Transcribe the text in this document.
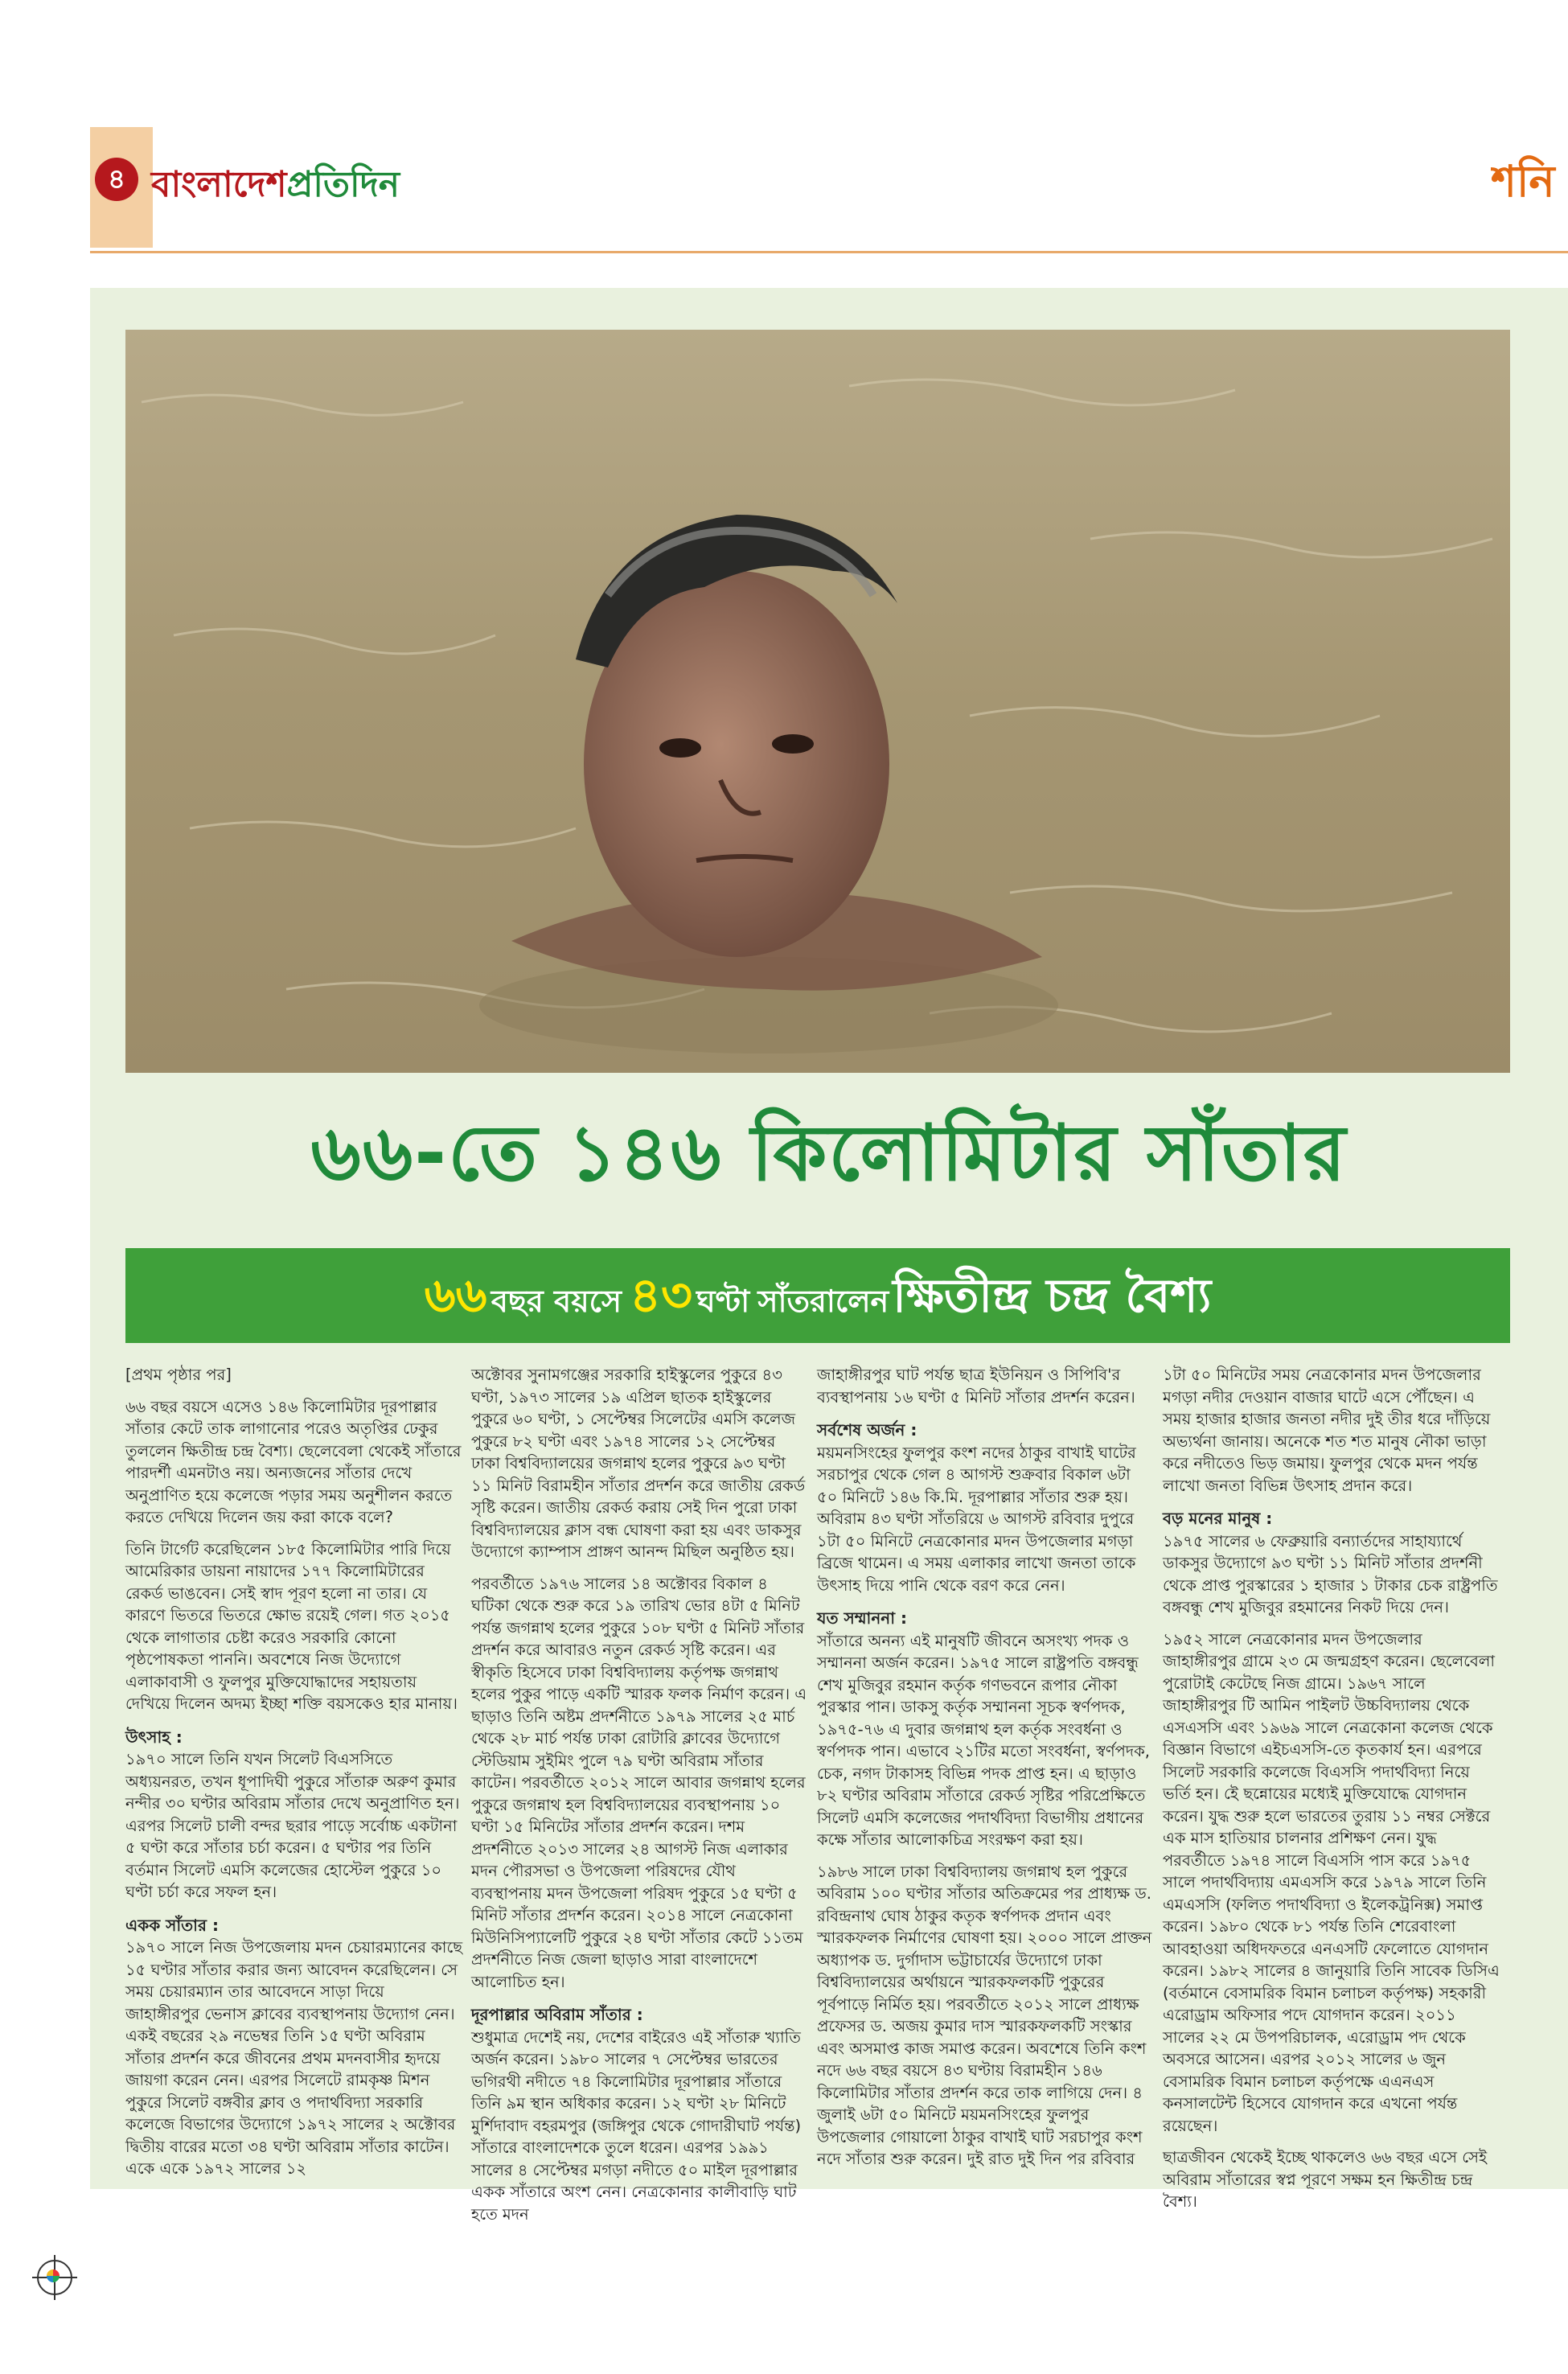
৪ বাংলাদেশপ্রতিদিন	শনি
৬৬-তে ১৪৬ কিলোমিটার সাঁতার
৬৬ বছর বয়সে ৪৩ ঘণ্টা সাঁতরালেন ক্ষিতীন্দ্র চন্দ্র বৈশ্য

[প্রথম পৃষ্ঠার পর]

৬৬ বছর বয়সে এসেও ১৪৬ কিলোমিটার দূরপাল্লার সাঁতার কেটে তাক লাগানোর পরেও অতৃপ্তির ঢেকুর তুললেন ক্ষিতীন্দ্র চন্দ্র বৈশ্য। ছেলেবেলা থেকেই সাঁতারে পারদর্শী এমনটাও নয়। অন্যজনের সাঁতার দেখে অনুপ্রাণিত হয়ে কলেজে পড়ার সময় অনুশীলন করতে করতে দেখিয়ে দিলেন জয় করা কাকে বলে?

তিনি টার্গেট করেছিলেন ১৮৫ কিলোমিটার পারি দিয়ে আমেরিকার ডায়না নায়াদের ১৭৭ কিলোমিটারের রেকর্ড ভাঙবেন। সেই স্বাদ পূরণ হলো না তার। যে কারণে ভিতরে ভিতরে ক্ষোভ রয়েই গেল। গত ২০১৫ থেকে লাগাতার চেষ্টা করেও সরকারি কোনো পৃষ্ঠপোষকতা পাননি। অবশেষে নিজ উদ্যোগে এলাকাবাসী ও ফুলপুর মুক্তিযোদ্ধাদের সহায়তায় দেখিয়ে দিলেন অদম্য ইচ্ছা শক্তি বয়সকেও হার মানায়।

উৎসাহ :

১৯৭০ সালে তিনি যখন সিলেট বিএসসিতে অধ্যয়নরত, তখন ধূপাদিঘী পুকুরে সাঁতারু অরুণ কুমার নন্দীর ৩০ ঘণ্টার অবিরাম সাঁতার দেখে অনুপ্রাণিত হন। এরপর সিলেট চালী বন্দর ছরার পাড়ে সর্বোচ্চ একটানা ৫ ঘণ্টা করে সাঁতার চর্চা করেন। ৫ ঘণ্টার পর তিনি বর্তমান সিলেট এমসি কলেজের হোস্টেল পুকুরে ১০ ঘণ্টা চর্চা করে সফল হন।

একক সাঁতার :

১৯৭০ সালে নিজ উপজেলায় মদন চেয়ারম্যানের কাছে ১৫ ঘণ্টার সাঁতার করার জন্য আবেদন করেছিলেন। সে সময় চেয়ারম্যান তার আবেদনে সাড়া দিয়ে জাহাঙ্গীরপুর ভেনাস ক্লাবের ব্যবস্থাপনায় উদ্যোগ নেন। একই বছরের ২৯ নভেম্বর তিনি ১৫ ঘণ্টা অবিরাম সাঁতার প্রদর্শন করে জীবনের প্রথম মদনবাসীর হৃদয়ে জায়গা করেন নেন। এরপর সিলেটে রামকৃষ্ণ মিশন পুকুরে সিলেট বঙ্গবীর ক্লাব ও পদার্থবিদ্যা সরকারি কলেজে বিভাগের উদ্যোগে ১৯৭২ সালের ২ অক্টোবর দ্বিতীয় বারের মতো ৩৪ ঘণ্টা অবিরাম সাঁতার কাটেন। একে একে ১৯৭২ সালের ১২

অক্টোবর সুনামগঞ্জের সরকারি হাইস্কুলের পুকুরে ৪৩ ঘণ্টা, ১৯৭৩ সালের ১৯ এপ্রিল ছাতক হাইস্কুলের পুকুরে ৬০ ঘণ্টা, ১ সেপ্টেম্বর সিলেটের এমসি কলেজ পুকুরে ৮২ ঘণ্টা এবং ১৯৭৪ সালের ১২ সেপ্টেম্বর ঢাকা বিশ্ববিদ্যালয়ের জগন্নাথ হলের পুকুরে ৯৩ ঘণ্টা ১১ মিনিট বিরামহীন সাঁতার প্রদর্শন করে জাতীয় রেকর্ড সৃষ্টি করেন। জাতীয় রেকর্ড করায় সেই দিন পুরো ঢাকা বিশ্ববিদ্যালয়ের ক্লাস বন্ধ ঘোষণা করা হয় এবং ডাকসুর উদ্যোগে ক্যাম্পাস প্রাঙ্গণ আনন্দ মিছিল অনুষ্ঠিত হয়।

পরবর্তীতে ১৯৭৬ সালের ১৪ অক্টোবর বিকাল ৪ ঘটিকা থেকে শুরু করে ১৯ তারিখ ভোর ৪টা ৫ মিনিট পর্যন্ত জগন্নাথ হলের পুকুরে ১০৮ ঘণ্টা ৫ মিনিট সাঁতার প্রদর্শন করে আবারও নতুন রেকর্ড সৃষ্টি করেন। এর স্বীকৃতি হিসেবে ঢাকা বিশ্ববিদ্যালয় কর্তৃপক্ষ জগন্নাথ হলের পুকুর পাড়ে একটি স্মারক ফলক নির্মাণ করেন। এ ছাড়াও তিনি অষ্টম প্রদর্শনীতে ১৯৭৯ সালের ২৫ মার্চ থেকে ২৮ মার্চ পর্যন্ত ঢাকা রোটারি ক্লাবের উদ্যোগে স্টেডিয়াম সুইমিং পুলে ৭৯ ঘণ্টা অবিরাম সাঁতার কাটেন। পরবর্তীতে ২০১২ সালে আবার জগন্নাথ হলের পুকুরে জগন্নাথ হল বিশ্ববিদ্যালয়ের ব্যবস্থাপনায় ১০ ঘণ্টা ১৫ মিনিটের সাঁতার প্রদর্শন করেন। দশম প্রদর্শনীতে ২০১৩ সালের ২৪ আগস্ট নিজ এলাকার মদন পৌরসভা ও উপজেলা পরিষদের যৌথ ব্যবস্থাপনায় মদন উপজেলা পরিষদ পুকুরে ১৫ ঘণ্টা ৫ মিনিট সাঁতার প্রদর্শন করেন। ২০১৪ সালে নেত্রকোনা মিউনিসিপ্যালেটি পুকুরে ২৪ ঘণ্টা সাঁতার কেটে ১১তম প্রদর্শনীতে নিজ জেলা ছাড়াও সারা বাংলাদেশে আলোচিত হন।

দূরপাল্লার অবিরাম সাঁতার :

শুধুমাত্র দেশেই নয়, দেশের বাইরেও এই সাঁতারু খ্যাতি অর্জন করেন। ১৯৮০ সালের ৭ সেপ্টেম্বর ভারতের ভগিরথী নদীতে ৭৪ কিলোমিটার দূরপাল্লার সাঁতারে তিনি ৯ম স্থান অধিকার করেন। ১২ ঘণ্টা ২৮ মিনিটে মুর্শিদাবাদ বহরমপুর (জঙ্গিপুর থেকে গোদারীঘাট পর্যন্ত) সাঁতারে বাংলাদেশকে তুলে ধরেন। এরপর ১৯৯১ সালের ৪ সেপ্টেম্বর মগড়া নদীতে ৫০ মাইল দূরপাল্লার একক সাঁতারে অংশ নেন। নেত্রকোনার কালীবাড়ি ঘাট হতে মদন

জাহাঙ্গীরপুর ঘাট পর্যন্ত ছাত্র ইউনিয়ন ও সিপিবি'র ব্যবস্থাপনায় ১৬ ঘণ্টা ৫ মিনিট সাঁতার প্রদর্শন করেন।

সর্বশেষ অর্জন :

ময়মনসিংহের ফুলপুর কংশ নদের ঠাকুর বাখাই ঘাটের সরচাপুর থেকে গেল ৪ আগস্ট শুক্রবার বিকাল ৬টা ৫০ মিনিটে ১৪৬ কি.মি. দূরপাল্লার সাঁতার শুরু হয়। অবিরাম ৪৩ ঘণ্টা সাঁতরিয়ে ৬ আগস্ট রবিবার দুপুরে ১টা ৫০ মিনিটে নেত্রকোনার মদন উপজেলার মগড়া ব্রিজে থামেন। এ সময় এলাকার লাখো জনতা তাকে উৎসাহ দিয়ে পানি থেকে বরণ করে নেন।

যত সম্মাননা :

সাঁতারে অনন্য এই মানুষটি জীবনে অসংখ্য পদক ও সম্মাননা অর্জন করেন। ১৯৭৫ সালে রাষ্ট্রপতি বঙ্গবন্ধু শেখ মুজিবুর রহমান কর্তৃক গণভবনে রূপার নৌকা পুরস্কার পান। ডাকসু কর্তৃক সম্মাননা সূচক স্বর্ণপদক, ১৯৭৫-৭৬ এ দুবার জগন্নাথ হল কর্তৃক সংবর্ধনা ও স্বর্ণপদক পান। এভাবে ২১টির মতো সংবর্ধনা, স্বর্ণপদক, চেক, নগদ টাকাসহ বিভিন্ন পদক প্রাপ্ত হন। এ ছাড়াও ৮২ ঘণ্টার অবিরাম সাঁতারে রেকর্ড সৃষ্টির পরিপ্রেক্ষিতে সিলেট এমসি কলেজের পদার্থবিদ্যা বিভাগীয় প্রধানের কক্ষে সাঁতার আলোকচিত্র সংরক্ষণ করা হয়।

১৯৮৬ সালে ঢাকা বিশ্ববিদ্যালয় জগন্নাথ হল পুকুরে অবিরাম ১০০ ঘণ্টার সাঁতার অতিক্রমের পর প্রাধ্যক্ষ ড. রবিন্দ্রনাথ ঘোষ ঠাকুর কতৃক স্বর্ণপদক প্রদান এবং স্মারকফলক নির্মাণের ঘোষণা হয়। ২০০০ সালে প্রাক্তন অধ্যাপক ড. দুর্গাদাস ভট্টাচার্যের উদ্যোগে ঢাকা বিশ্ববিদ্যালয়ের অর্থায়নে স্মারকফলকটি পুকুরের পূর্বপাড়ে নির্মিত হয়। পরবর্তীতে ২০১২ সালে প্রাধ্যক্ষ প্রফেসর ড. অজয় কুমার দাস স্মারকফলকটি সংস্কার এবং অসমাপ্ত কাজ সমাপ্ত করেন। অবশেষে তিনি কংশ নদে ৬৬ বছর বয়সে ৪৩ ঘণ্টায় বিরামহীন ১৪৬ কিলোমিটার সাঁতার প্রদর্শন করে তাক লাগিয়ে দেন। ৪ জুলাই ৬টা ৫০ মিনিটে ময়মনসিংহের ফুলপুর উপজেলার গোয়ালো ঠাকুর বাখাই ঘাট সরচাপুর কংশ নদে সাঁতার শুরু করেন। দুই রাত দুই দিন পর রবিবার

১টা ৫০ মিনিটের সময় নেত্রকোনার মদন উপজেলার মগড়া নদীর দেওয়ান বাজার ঘাটে এসে পৌঁছেন। এ সময় হাজার হাজার জনতা নদীর দুই তীর ধরে দাঁড়িয়ে অভ্যর্থনা জানায়। অনেকে শত শত মানুষ নৌকা ভাড়া করে নদীতেও ভিড় জমায়। ফুলপুর থেকে মদন পর্যন্ত লাখো জনতা বিভিন্ন উৎসাহ প্রদান করে।

বড় মনের মানুষ :

১৯৭৫ সালের ৬ ফেব্রুয়ারি বন্যার্তদের সাহায্যার্থে ডাকসুর উদ্যোগে ৯৩ ঘণ্টা ১১ মিনিট সাঁতার প্রদর্শনী থেকে প্রাপ্ত পুরস্কারের ১ হাজার ১ টাকার চেক রাষ্ট্রপতি বঙ্গবন্ধু শেখ মুজিবুর রহমানের নিকট দিয়ে দেন।

১৯৫২ সালে নেত্রকোনার মদন উপজেলার জাহাঙ্গীরপুর গ্রামে ২৩ মে জন্মগ্রহণ করেন। ছেলেবেলা পুরোটাই কেটেছে নিজ গ্রামে। ১৯৬৭ সালে জাহাঙ্গীরপুর টি আমিন পাইলট উচ্চবিদ্যালয় থেকে এসএসসি এবং ১৯৬৯ সালে নেত্রকোনা কলেজ থেকে বিজ্ঞান বিভাগে এইচএসসি-তে কৃতকার্য হন। এরপরে সিলেট সরকারি কলেজে বিএসসি পদার্থবিদ্যা নিয়ে ভর্তি হন। ইে ছন্নোয়ের মধ্যেই মুক্তিযোদ্ধে যোগদান করেন। যুদ্ধ শুরু হলে ভারতের তুরায় ১১ নম্বর সেক্টরে এক মাস হাতিয়ার চালনার প্রশিক্ষণ নেন। যুদ্ধ পরবর্তীতে ১৯৭৪ সালে বিএসসি পাস করে ১৯৭৫ সালে পদার্থবিদ্যায় এমএসসি করে ১৯৭৯ সালে তিনি এমএসসি (ফলিত পদার্থবিদ্যা ও ইলেকট্রনিক্স) সমাপ্ত করেন। ১৯৮০ থেকে ৮১ পর্যন্ত তিনি শেরেবাংলা আবহাওয়া অধিদফতরে এনএসটি ফেলোতে যোগদান করেন। ১৯৮২ সালের ৪ জানুয়ারি তিনি সাবেক ডিসিএ (বর্তমানে বেসামরিক বিমান চলাচল কর্তৃপক্ষ) সহকারী এরোড্রাম অফিসার পদে যোগদান করেন। ২০১১ সালের ২২ মে উপপরিচালক, এরোড্রাম পদ থেকে অবসরে আসেন। এরপর ২০১২ সালের ৬ জুন বেসামরিক বিমান চলাচল কর্তৃপক্ষে এএনএস কনসালটেন্ট হিসেবে যোগদান করে এখনো পর্যন্ত রয়েছেন।

ছাত্রজীবন থেকেই ইচ্ছে থাকলেও ৬৬ বছর এসে সেই অবিরাম সাঁতারের স্বপ্ন পূরণে সক্ষম হন ক্ষিতীন্দ্র চন্দ্র বৈশ্য।
